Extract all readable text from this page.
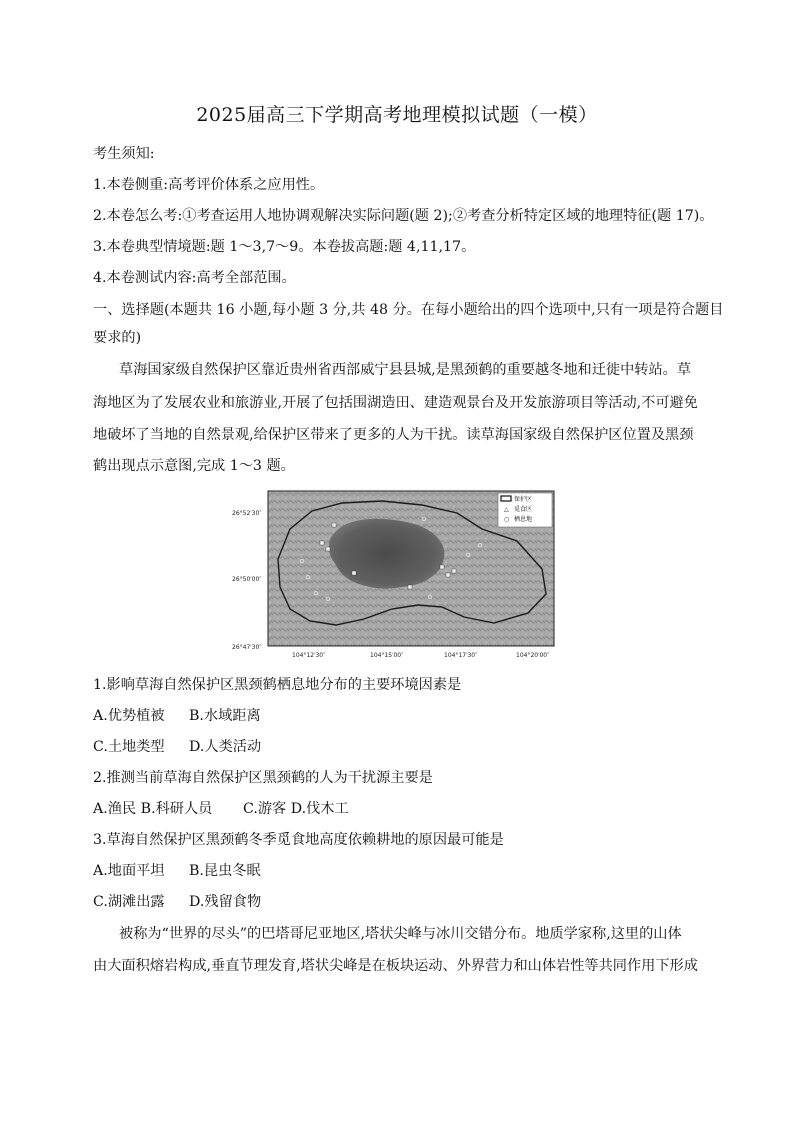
2025届高三下学期高考地理模拟试题（一模）
考生须知:
1.本卷侧重:高考评价体系之应用性。
2.本卷怎么考:①考查运用人地协调观解决实际问题(题 2);②考查分析特定区域的地理特征(题 17)。
3.本卷典型情境题:题 1～3,7～9。本卷拔高题:题 4,11,17。
4.本卷测试内容:高考全部范围。
一、选择题(本题共 16 小题,每小题 3 分,共 48 分。在每小题给出的四个选项中,只有一项是符合题目
要求的)
草海国家级自然保护区靠近贵州省西部威宁县县城,是黑颈鹤的重要越冬地和迁徙中转站。草
海地区为了发展农业和旅游业,开展了包括围湖造田、建造观景台及开发旅游项目等活动,不可避免
地破坏了当地的自然景观,给保护区带来了更多的人为干扰。读草海国家级自然保护区位置及黑颈
鹤出现点示意图,完成 1～3 题。
保护区
△ 觅食区
○ 栖息地
26°52′30″
26°50′00″
26°47′30″
104°12′30″	104°15′00″	104°17′30″	104°20′00″
1.影响草海自然保护区黑颈鹤栖息地分布的主要环境因素是
A.优势植被 B.水域距离
C.土地类型 D.人类活动
2.推测当前草海自然保护区黑颈鹤的人为干扰源主要是
A.渔民 B.科研人员 C.游客 D.伐木工
3.草海自然保护区黑颈鹤冬季觅食地高度依赖耕地的原因最可能是
A.地面平坦 B.昆虫冬眠
C.湖滩出露 D.残留食物
被称为“世界的尽头”的巴塔哥尼亚地区,塔状尖峰与冰川交错分布。地质学家称,这里的山体
由大面积熔岩构成,垂直节理发育,塔状尖峰是在板块运动、外界营力和山体岩性等共同作用下形成
